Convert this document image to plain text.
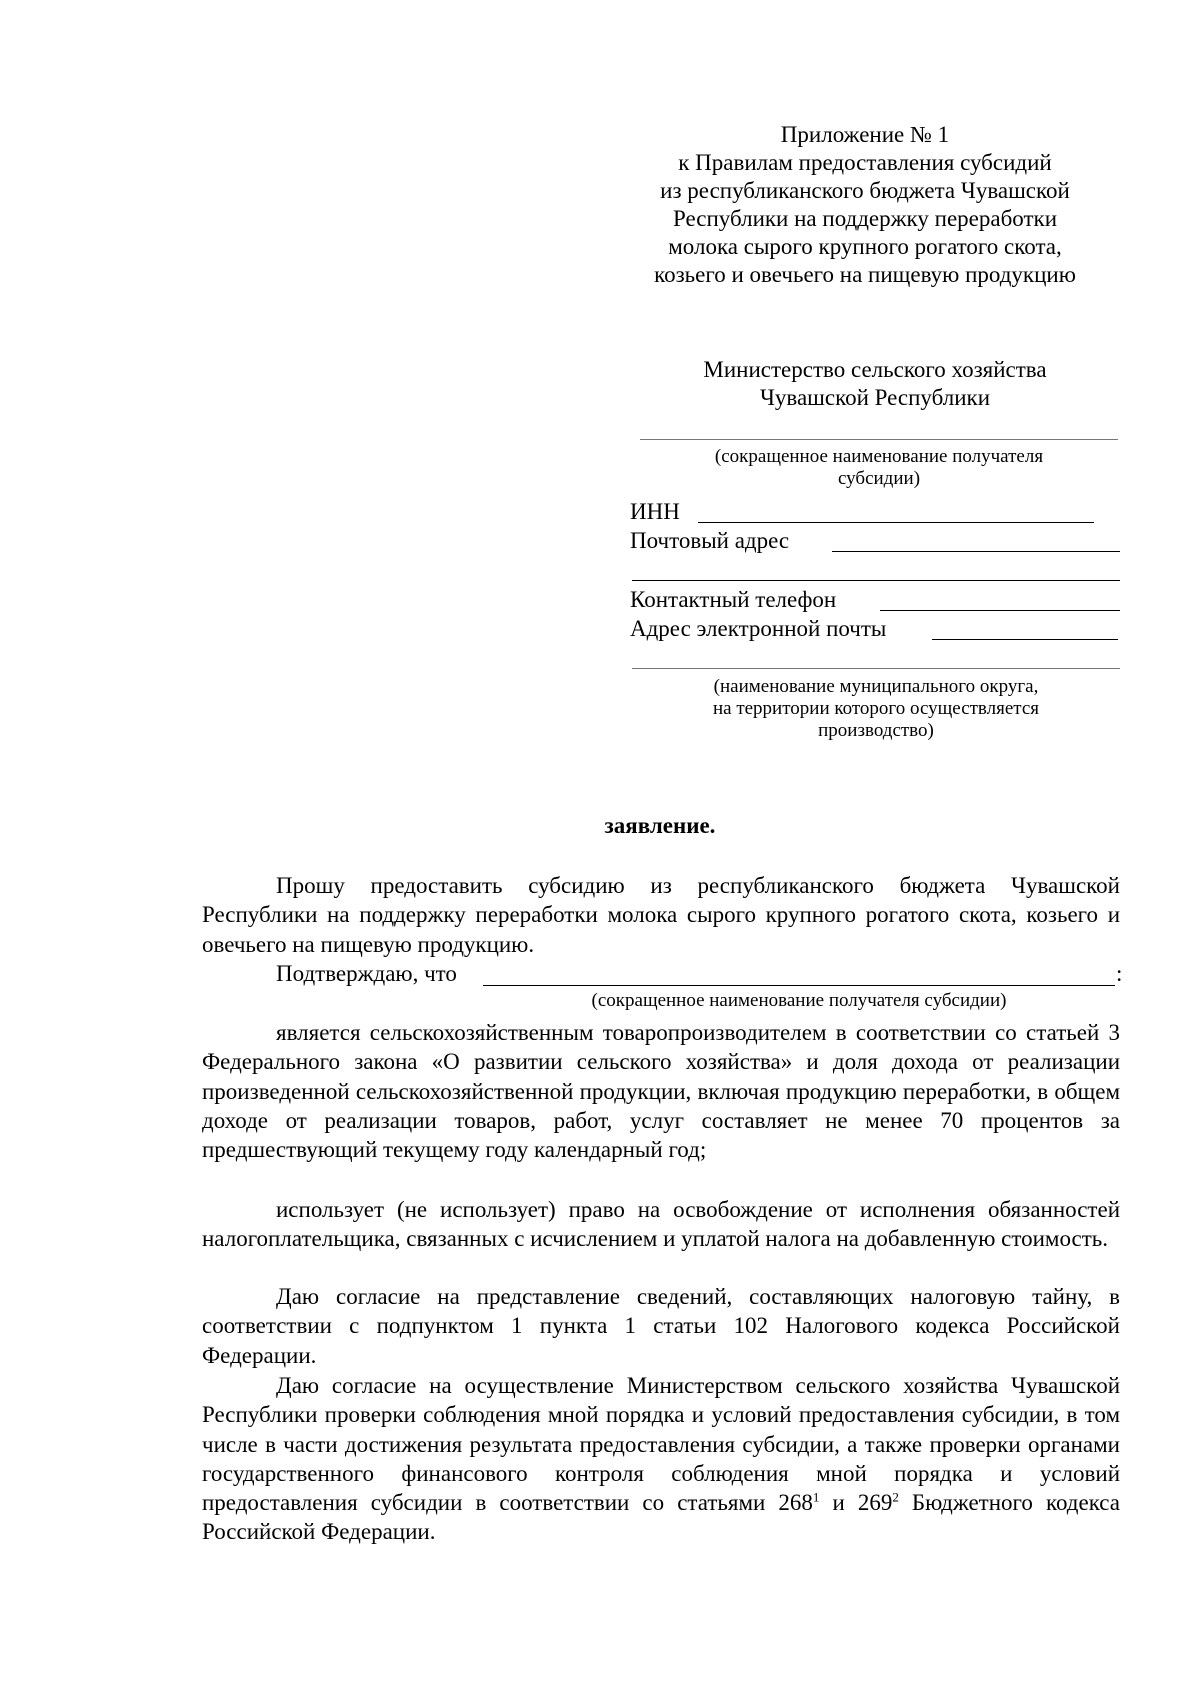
Приложение № 1
к Правилам предоставления субсидий
из республиканского бюджета Чувашской
Республики на поддержку переработки
молока сырого крупного рогатого скота,
козьего и овечьего на пищевую продукцию
Министерство сельского хозяйства
Чувашской Республики
(сокращенное наименование получателя
субсидии)
ИНН
Почтовый адрес
Контактный телефон
Адрес электронной почты
(наименование муниципального округа,
на территории которого осуществляется
производство)
заявление.
Прошу предоставить субсидию из республиканского бюджета Чувашской Республики на поддержку переработки молока сырого крупного рогатого скота, козьего и овечьего на пищевую продукцию.
Подтверждаю, что	:
(сокращенное наименование получателя субсидии)
является сельскохозяйственным товаропроизводителем в соответствии со статьей 3 Федерального закона «О развитии сельского хозяйства» и доля дохода от реализации произведенной сельскохозяйственной продукции, включая продукцию переработки, в общем доходе от реализации товаров, работ, услуг составляет не менее 70 процентов за предшествующий текущему году календарный год;
использует (не использует) право на освобождение от исполнения обязанностей налогоплательщика, связанных с исчислением и уплатой налога на добавленную стоимость.
Даю согласие на представление сведений, составляющих налоговую тайну, в соответствии с подпунктом 1 пункта 1 статьи 102 Налогового кодекса Российской Федерации.
Даю согласие на осуществление Министерством сельского хозяйства Чувашской Республики проверки соблюдения мной порядка и условий предоставления субсидии, в том числе в части достижения результата предоставления субсидии, а также проверки органами государственного финансового контроля соблюдения мной порядка и условий предоставления субсидии в соответствии со статьями $268^1$ и $269^2$ Бюджетного кодекса Российской Федерации.
